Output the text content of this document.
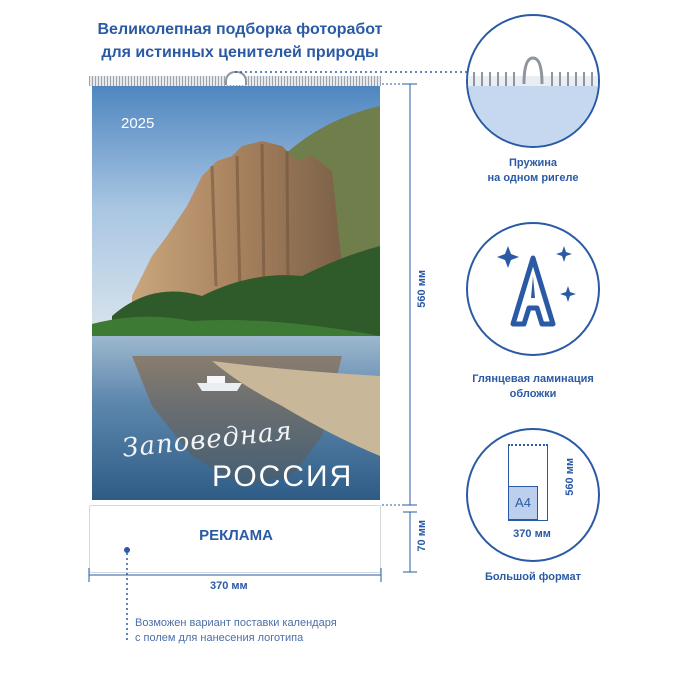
Великолепная подборка фоторабот
для истинных ценителей природы
2025
Заповедная
РОССИЯ
РЕКЛАМА
560 мм
70 мм
370 мм
Возможен вариант поставки календаря
с полем для нанесения логотипа
Пружина
на одном ригеле
Глянцевая ламинация
обложки
A4
370 мм
560 мм
Большой формат
